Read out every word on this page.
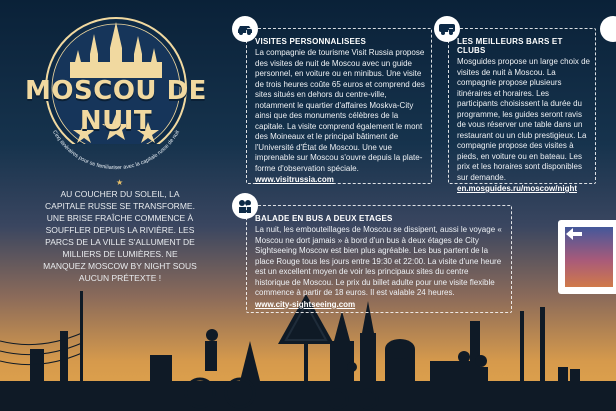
MOSCOU DE NUIT
Cinq itinéraires pour se familiariser avec la capitale russe de nuit
★
AU COUCHER DU SOLEIL, LA CAPITALE RUSSE SE TRANSFORME. UNE BRISE FRAÎCHE COMMENCE À SOUFFLER DEPUIS LA RIVIÈRE. LES PARCS DE LA VILLE S'ALLUMENT DE MILLIERS DE LUMIÈRES. NE MANQUEZ MOSCOW BY NIGHT SOUS AUCUN PRÉTEXTE !
VISITES PERSONNALISEES

La compagnie de tourisme Visit Russia propose des visites de nuit de Moscou avec un guide personnel, en voiture ou en minibus. Une visite de trois heures coûte 65 euros et comprend des sites situés en dehors du centre-ville, notamment le quartier d'affaires Moskva-City ainsi que des monuments célèbres de la capitale. La visite comprend également le mont des Moineaux et le principal bâtiment de l'Université d'État de Moscou. Une vue imprenable sur Moscou s'ouvre depuis la plate-forme d'observation spéciale.

www.visitrussia.com
LES MEILLEURS BARS ET CLUBS

Mosguides propose un large choix de visites de nuit à Moscou. La compagnie propose plusieurs itinéraires et horaires. Les participants choisissent la durée du programme, les guides seront ravis de vous réserver une table dans un restaurant ou un club prestigieux. La compagnie propose des visites à pieds, en voiture ou en bateau. Les prix et les horaires sont disponibles sur demande.

en.mosguides.ru/moscow/night
BALADE EN BUS A DEUX ETAGES

La nuit, les embouteillages de Moscou se dissipent, aussi le voyage « Moscou ne dort jamais » à bord d'un bus à deux étages de City Sightseeing Moscow est bien plus agréable. Les bus partent de la place Rouge tous les jours entre 19:30 et 22:00. La visite d'une heure est un excellent moyen de voir les principaux sites du centre historique de Moscou. Le prix du billet adulte pour une visite flexible commence à partir de 18 euros. Il est valable 24 heures.

www.city-sightseeing.com
